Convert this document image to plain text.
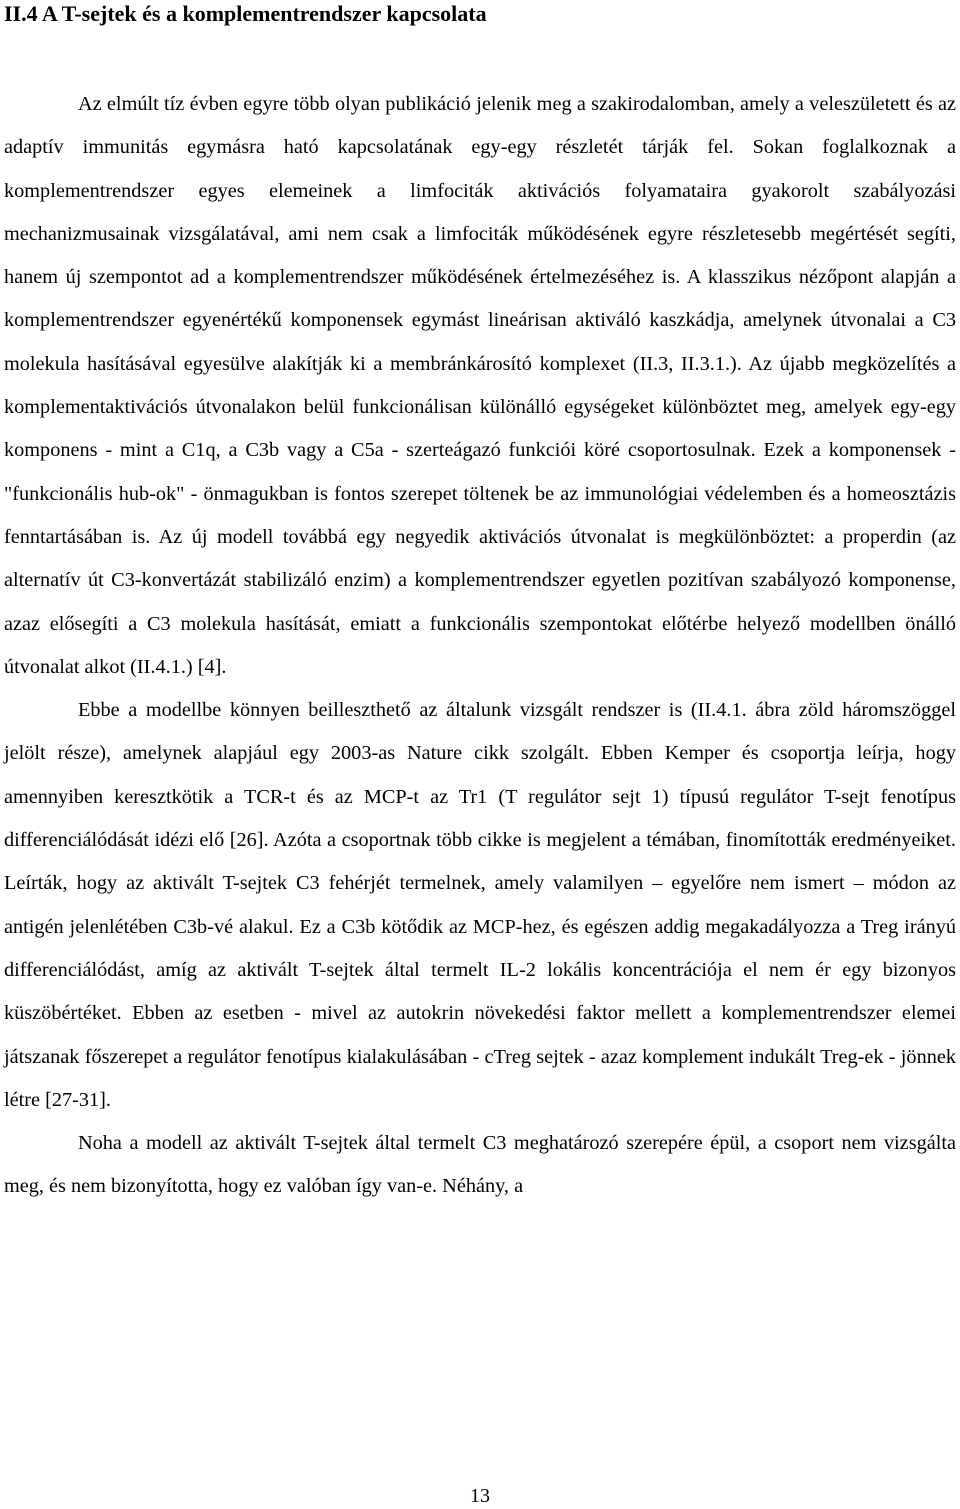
II.4 A T-sejtek és a komplementrendszer kapcsolata

Az elmúlt tíz évben egyre több olyan publikáció jelenik meg a szakirodalomban, amely a veleszületett és az adaptív immunitás egymásra ható kapcsolatának egy-egy részletét tárják fel. Sokan foglalkoznak a komplementrendszer egyes elemeinek a limfociták aktivációs folyamataira gyakorolt szabályozási mechanizmusainak vizsgálatával, ami nem csak a limfociták működésének egyre részletesebb megértését segíti, hanem új szempontot ad a komplementrendszer működésének értelmezéséhez is. A klasszikus nézőpont alapján a komplementrendszer egyenértékű komponensek egymást lineárisan aktiváló kaszkádja, amelynek útvonalai a C3 molekula hasításával egyesülve alakítják ki a membránkárosító komplexet (II.3, II.3.1.). Az újabb megközelítés a komplementaktivációs útvonalakon belül funkcionálisan különálló egységeket különböztet meg, amelyek egy-egy komponens - mint a C1q, a C3b vagy a C5a - szerteágazó funkciói köré csoportosulnak. Ezek a komponensek - "funkcionális hub-ok" - önmagukban is fontos szerepet töltenek be az immunológiai védelemben és a homeosztázis fenntartásában is. Az új modell továbbá egy negyedik aktivációs útvonalat is megkülönböztet: a properdin (az alternatív út C3-konvertázát stabilizáló enzim) a komplementrendszer egyetlen pozitívan szabályozó komponense, azaz elősegíti a C3 molekula hasítását, emiatt a funkcionális szempontokat előtérbe helyező modellben önálló útvonalat alkot (II.4.1.) [4].

Ebbe a modellbe könnyen beilleszthető az általunk vizsgált rendszer is (II.4.1. ábra zöld háromszöggel jelölt része), amelynek alapjául egy 2003-as Nature cikk szolgált. Ebben Kemper és csoportja leírja, hogy amennyiben keresztkötik a TCR-t és az MCP-t az Tr1 (T regulátor sejt 1) típusú regulátor T-sejt fenotípus differenciálódását idézi elő [26]. Azóta a csoportnak több cikke is megjelent a témában, finomították eredményeiket. Leírták, hogy az aktivált T-sejtek C3 fehérjét termelnek, amely valamilyen – egyelőre nem ismert – módon az antigén jelenlétében C3b-vé alakul. Ez a C3b kötődik az MCP-hez, és egészen addig megakadályozza a Treg irányú differenciálódást, amíg az aktivált T-sejtek által termelt IL-2 lokális koncentrációja el nem ér egy bizonyos küszöbértéket. Ebben az esetben - mivel az autokrin növekedési faktor mellett a komplementrendszer elemei játszanak főszerepet a regulátor fenotípus kialakulásában - cTreg sejtek - azaz komplement indukált Treg-ek - jönnek létre [27-31].

Noha a modell az aktivált T-sejtek által termelt C3 meghatározó szerepére épül, a csoport nem vizsgálta meg, és nem bizonyította, hogy ez valóban így van-e. Néhány, a

13
